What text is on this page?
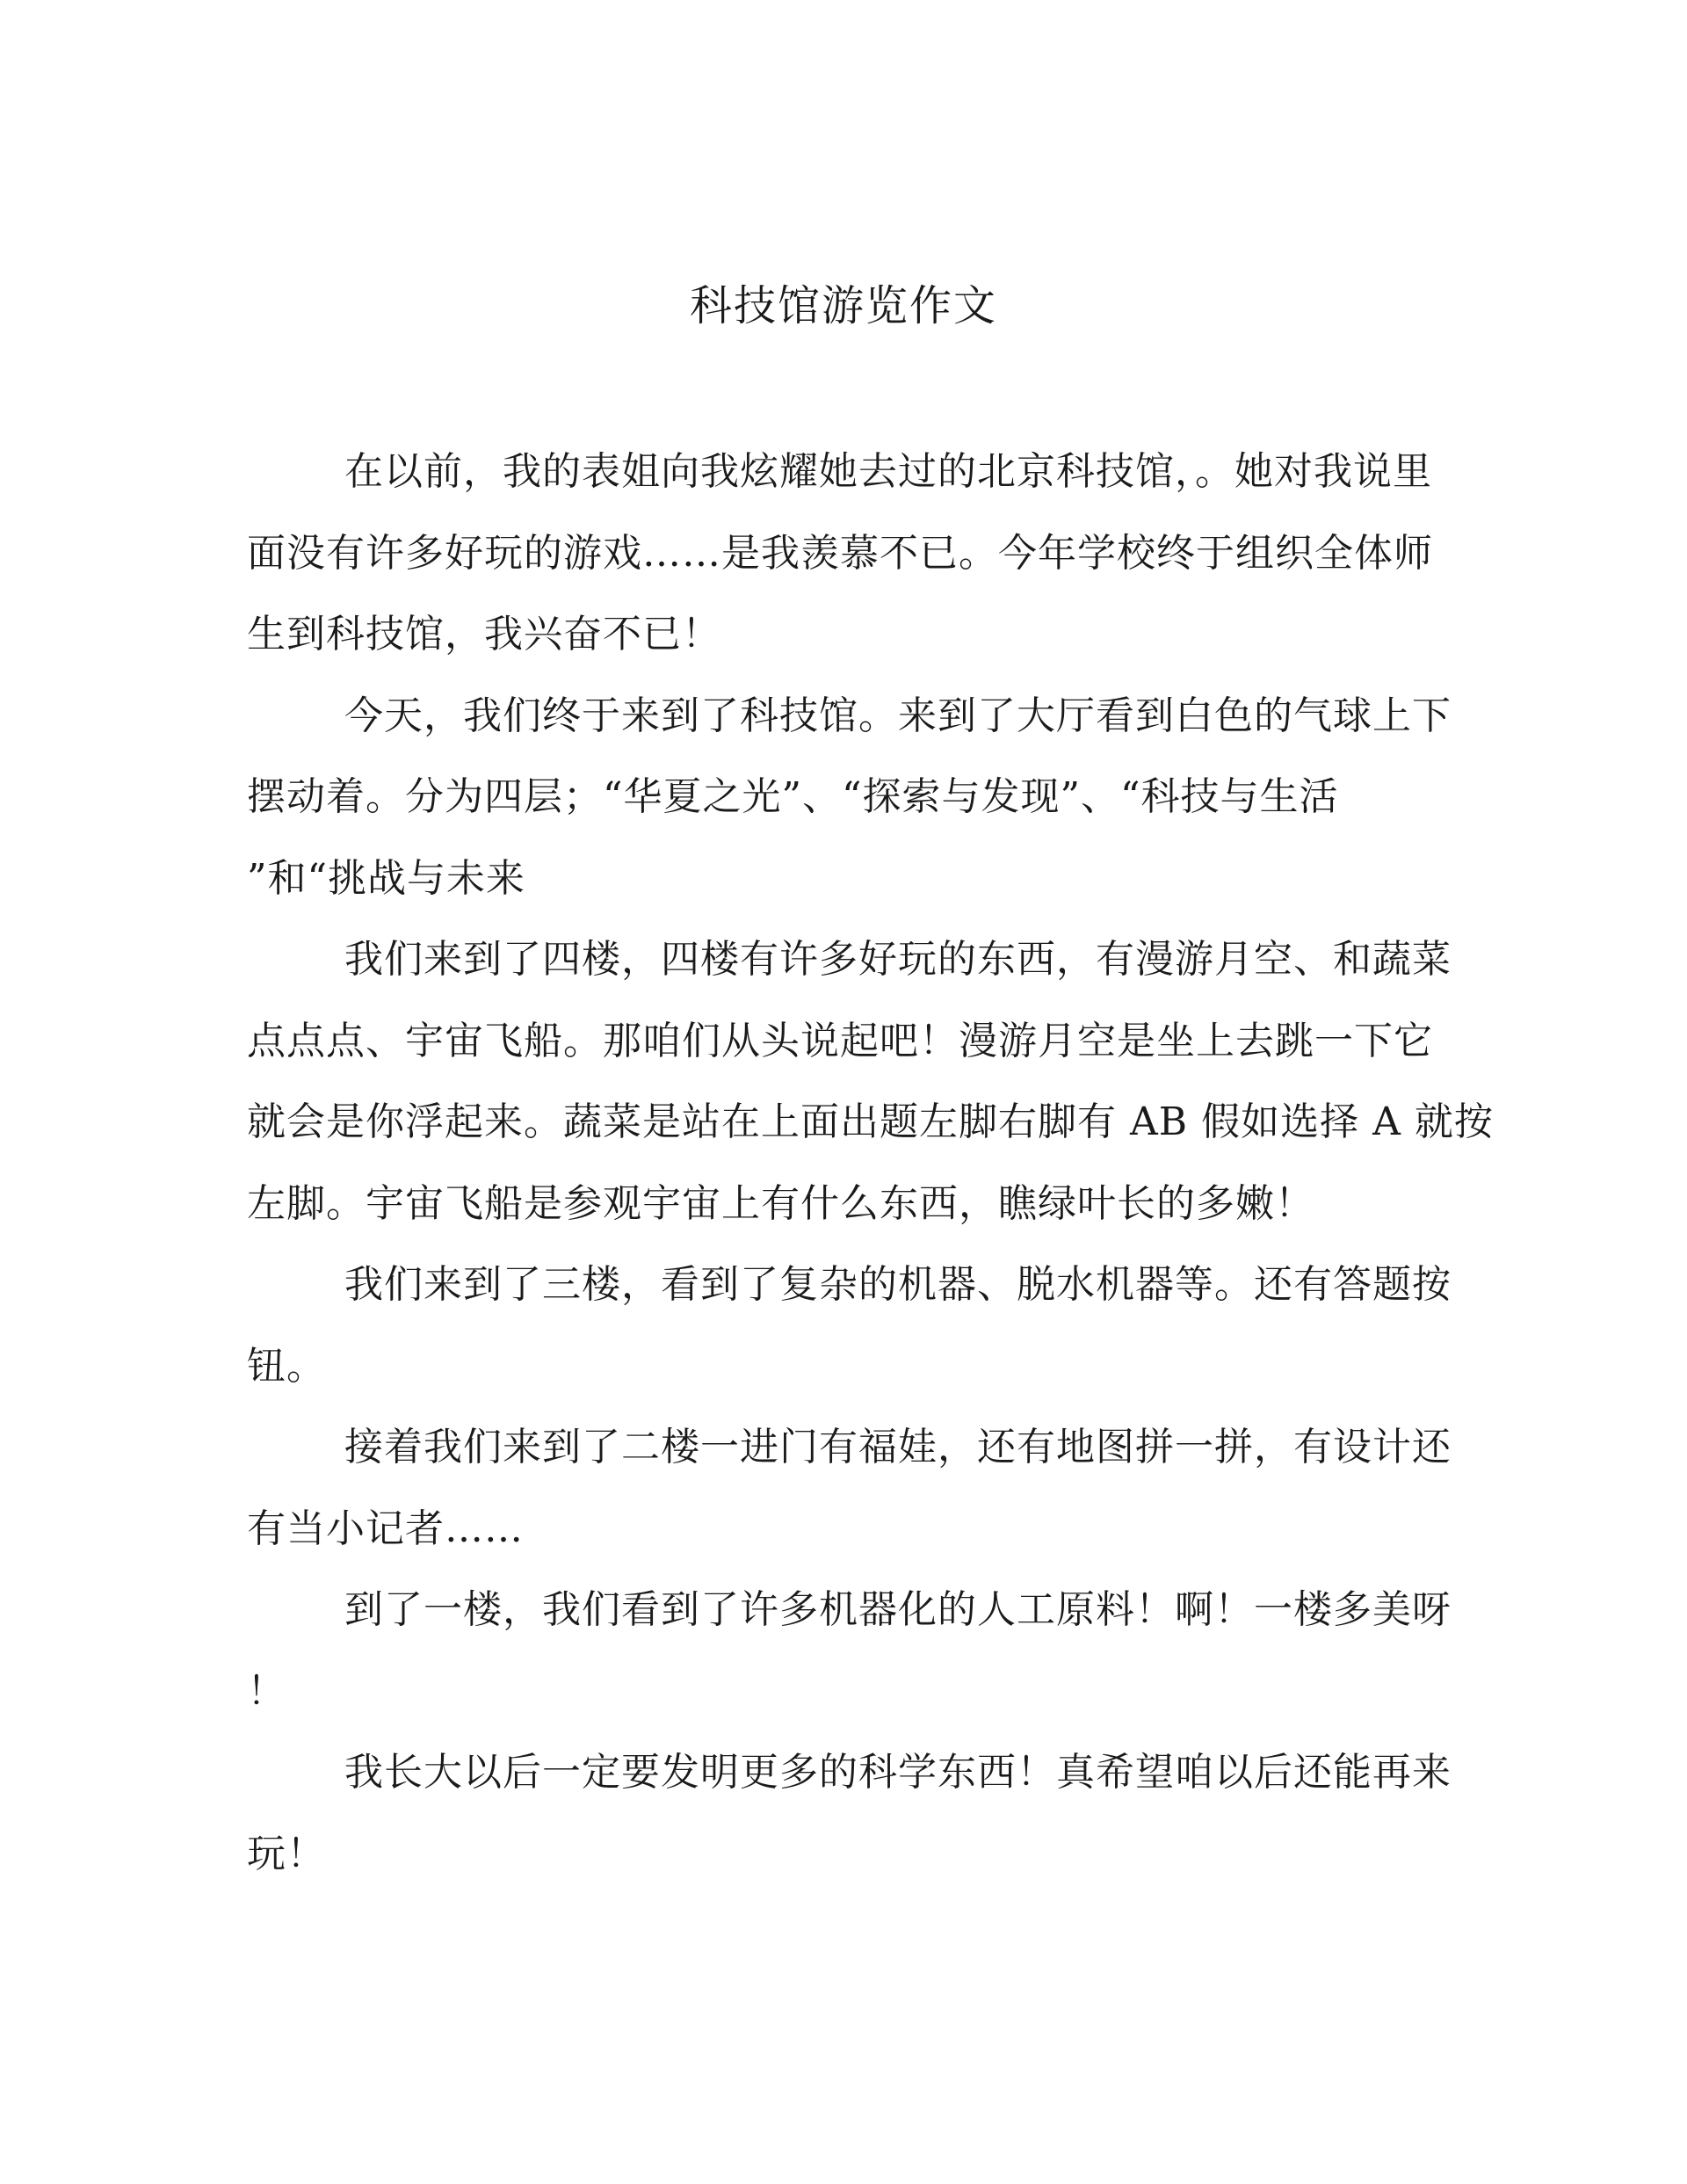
科技馆游览作文

在以前，我的表姐向我炫耀她去过的北京科技馆，。她对我说里

面没有许多好玩的游戏……是我羡慕不已。今年学校终于组织全体师

生到科技馆，我兴奋不已！

今天，我们终于来到了科技馆。来到了大厅看到白色的气球上下

摆动着。分为四层；“华夏之光”、“探索与发现”、“科技与生活

”和“挑战与未来

我们来到了四楼，四楼有许多好玩的东西，有漫游月空、和蔬菜

点点点、宇宙飞船。那咱们从头说起吧！漫游月空是坐上去跳一下它

就会是你浮起来。蔬菜是站在上面出题左脚右脚有 AB 假如选择 A 就按

左脚。宇宙飞船是参观宇宙上有什么东西，瞧绿叶长的多嫩！

我们来到了三楼，看到了复杂的机器、脱水机器等。还有答题按

钮。

接着我们来到了二楼一进门有福娃，还有地图拼一拼，有设计还

有当小记者……

到了一楼，我们看到了许多机器化的人工原料！啊！一楼多美呀

！

我长大以后一定要发明更多的科学东西！真希望咱以后还能再来

玩！
